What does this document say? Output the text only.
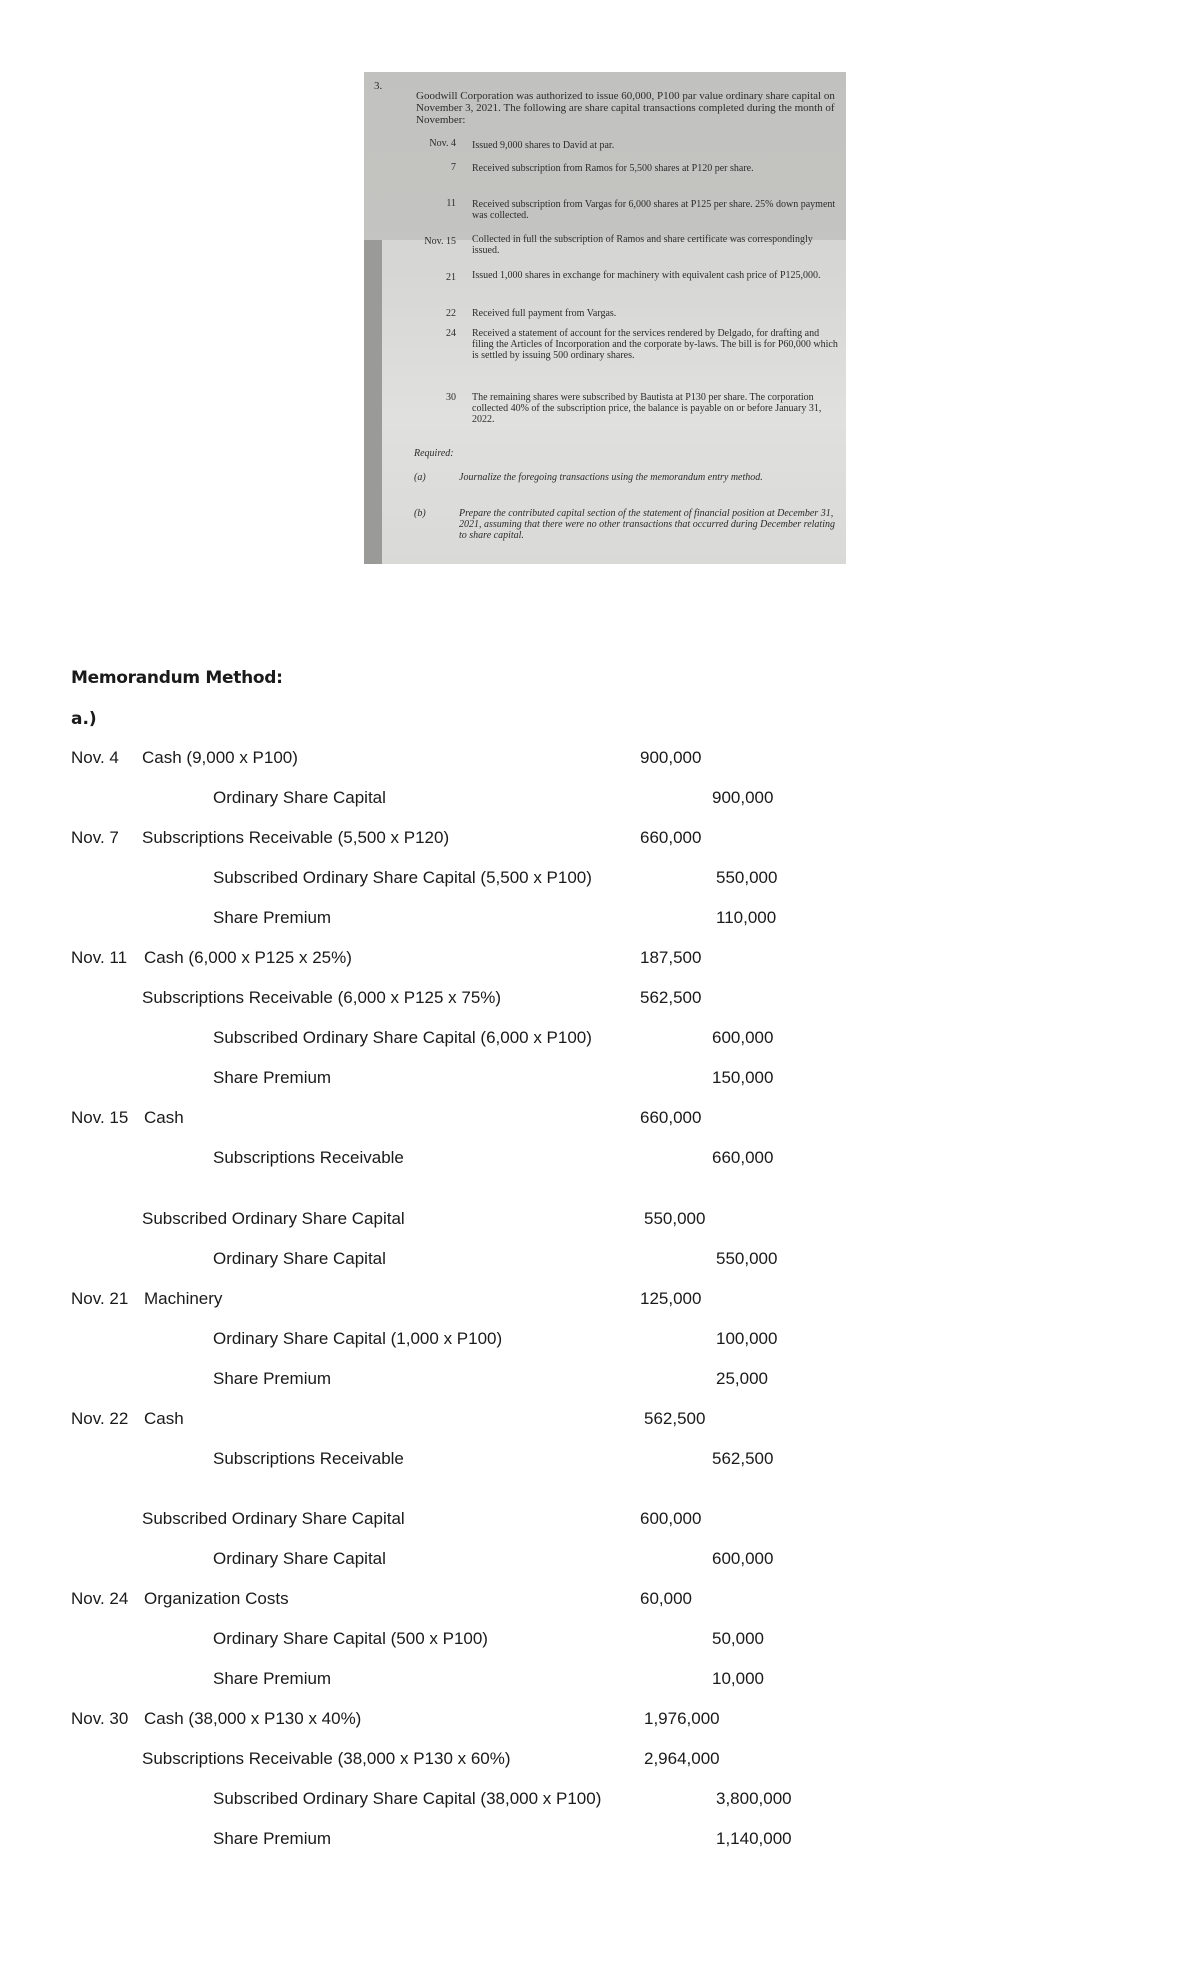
3.
Goodwill Corporation was authorized to issue 60,000, P100 par value ordinary share capital on November 3, 2021. The following are share capital transactions completed during the month of November:
Nov. 4 Issued 9,000 shares to David at par.
7 Received subscription from Ramos for 5,500 shares at P120 per share.
11 Received subscription from Vargas for 6,000 shares at P125 per share. 25% down payment was collected.
Nov. 15 Collected in full the subscription of Ramos and share certificate was correspondingly issued.
21 Issued 1,000 shares in exchange for machinery with equivalent cash price of P125,000.
22 Received full payment from Vargas.
24 Received a statement of account for the services rendered by Delgado, for drafting and filing the Articles of Incorporation and the corporate by-laws. The bill is for P60,000 which is settled by issuing 500 ordinary shares.
30 The remaining shares were subscribed by Bautista at P130 per share. The corporation collected 40% of the subscription price, the balance is payable on or before January 31, 2022.
Required:
(a)	Journalize the foregoing transactions using the memorandum entry method.
(b)	Prepare the contributed capital section of the statement of financial position at December 31, 2021, assuming that there were no other transactions that occurred during December relating to share capital.
Memorandum Method:
a.)
Nov. 4 Cash (9,000 x P100)	900,000
Ordinary Share Capital	900,000
Nov. 7 Subscriptions Receivable (5,500 x P120)	660,000
Subscribed Ordinary Share Capital (5,500 x P100)	550,000
Share Premium	110,000
Nov. 11 Cash (6,000 x P125 x 25%)	187,500
Subscriptions Receivable (6,000 x P125 x 75%)	562,500
Subscribed Ordinary Share Capital (6,000 x P100)	600,000
Share Premium	150,000
Nov. 15 Cash	660,000
Subscriptions Receivable	660,000
Subscribed Ordinary Share Capital	550,000
Ordinary Share Capital	550,000
Nov. 21 Machinery	125,000
Ordinary Share Capital (1,000 x P100)	100,000
Share Premium	25,000
Nov. 22 Cash	562,500
Subscriptions Receivable	562,500
Subscribed Ordinary Share Capital	600,000
Ordinary Share Capital	600,000
Nov. 24 Organization Costs	60,000
Ordinary Share Capital (500 x P100)	50,000
Share Premium	10,000
Nov. 30 Cash (38,000 x P130 x 40%)	1,976,000
Subscriptions Receivable (38,000 x P130 x 60%)	2,964,000
Subscribed Ordinary Share Capital (38,000 x P100)	3,800,000
Share Premium	1,140,000
